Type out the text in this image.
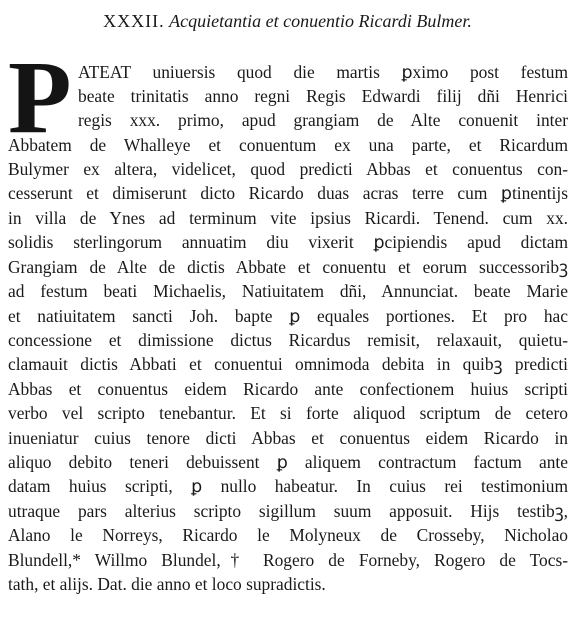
XXXII. Acquietantia et conuentio Ricardi Bulmer.
P ATEAT uniuersis quod die martis ꝑximo post festum
beate trinitatis anno regni Regis Edwardi filij dñi Henrici
regis xxx. primo, apud grangiam de Alte conuenit inter
Abbatem de Whalleye et conuentum ex una parte, et Ricardum
Bulymer ex altera, videlicet, quod predicti Abbas et conuentus con-
cesserunt et dimiserunt dicto Ricardo duas acras terre cum ꝑtinentijs
in villa de Ynes ad terminum vite ipsius Ricardi. Tenend. cum xx.
solidis sterlingorum annuatim diu vixerit ꝑcipiendis apud dictam
Grangiam de Alte de dictis Abbate et conuentu et eorum successoribꝫ
ad festum beati Michaelis, Natiuitatem dñi, Annunciat. beate Marie
et natiuitatem sancti Joh. bapte ꝑ equales portiones. Et pro hac
concessione et dimissione dictus Ricardus remisit, relaxauit, quietu-
clamauit dictis Abbati et conuentui omnimoda debita in quibꝫ predicti
Abbas et conuentus eidem Ricardo ante confectionem huius scripti
verbo vel scripto tenebantur. Et si forte aliquod scriptum de cetero
inueniatur cuius tenore dicti Abbas et conuentus eidem Ricardo in
aliquo debito teneri debuissent ꝑ aliquem contractum factum ante
datam huius scripti, ꝑ nullo habeatur. In cuius rei testimonium
utraque pars alterius scripto sigillum suum apposuit. Hijs testibꝫ,
Alano le Norreys, Ricardo le Molyneux de Crosseby, Nicholao
Blundell,* Willmo Blundel,† Rogero de Forneby, Rogero de Tocs-
tath, et alijs. Dat. die anno et loco supradictis.
